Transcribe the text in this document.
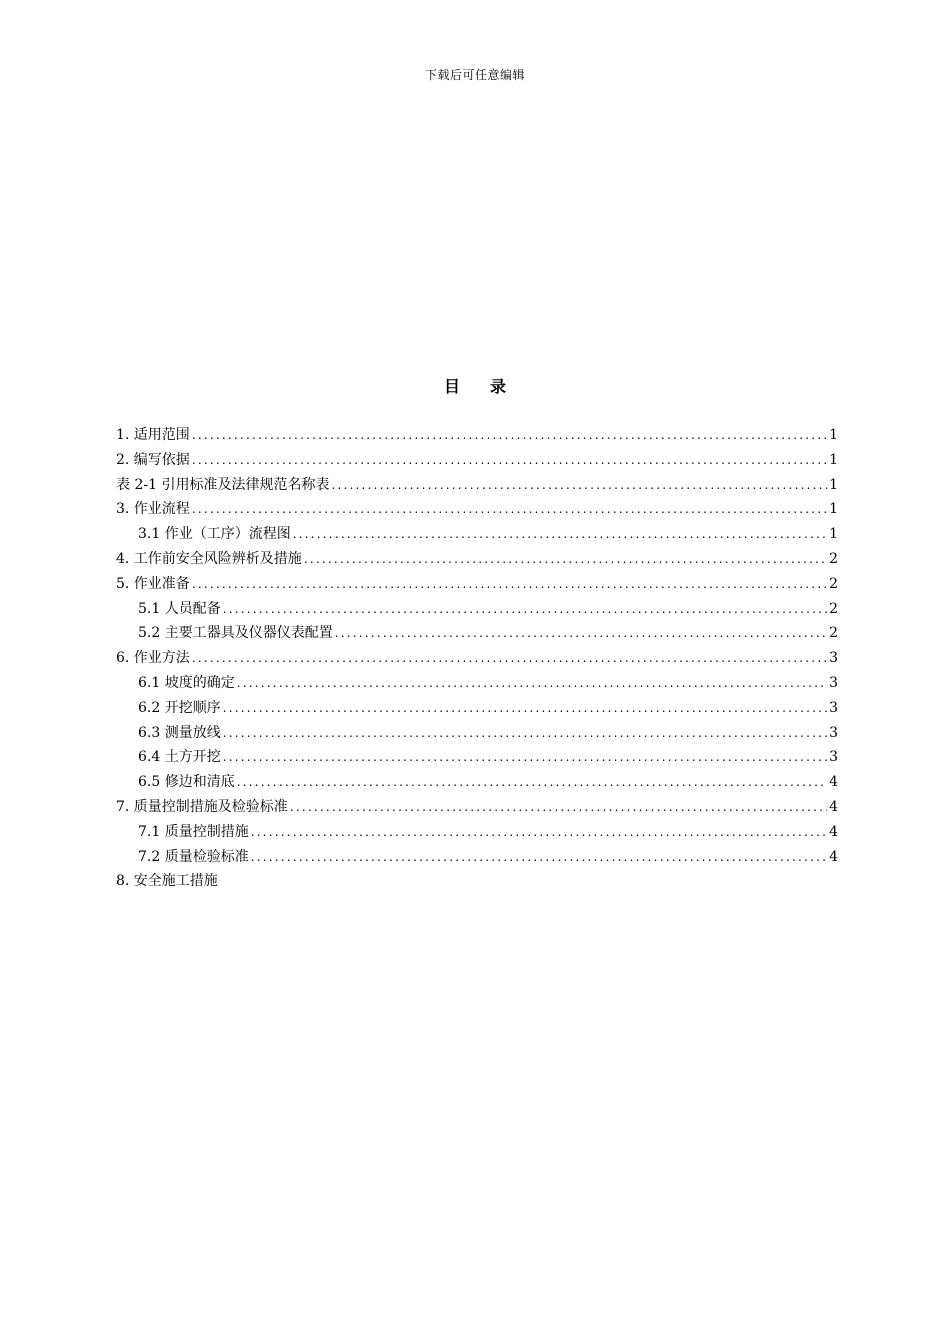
下载后可任意编辑
目 录
1. 适用范围 .....	1
2. 编写依据 .....	1
表 2-1 引用标准及法律规范名称表 .....	1
3. 作业流程 .....	1
3.1 作业（工序）流程图 .....	1
4. 工作前安全风险辨析及措施 .....	2
5. 作业准备 .....	2
5.1 人员配备 .....	2
5.2 主要工器具及仪器仪表配置 .....	2
6. 作业方法 .....	3
6.1 坡度的确定 .....	3
6.2 开挖顺序 .....	3
6.3 测量放线 .....	3
6.4 土方开挖 .....	3
6.5 修边和清底 .....	4
7. 质量控制措施及检验标准 .....	4
7.1 质量控制措施 .....	4
7.2 质量检验标准 .....	4
8. 安全施工措施
